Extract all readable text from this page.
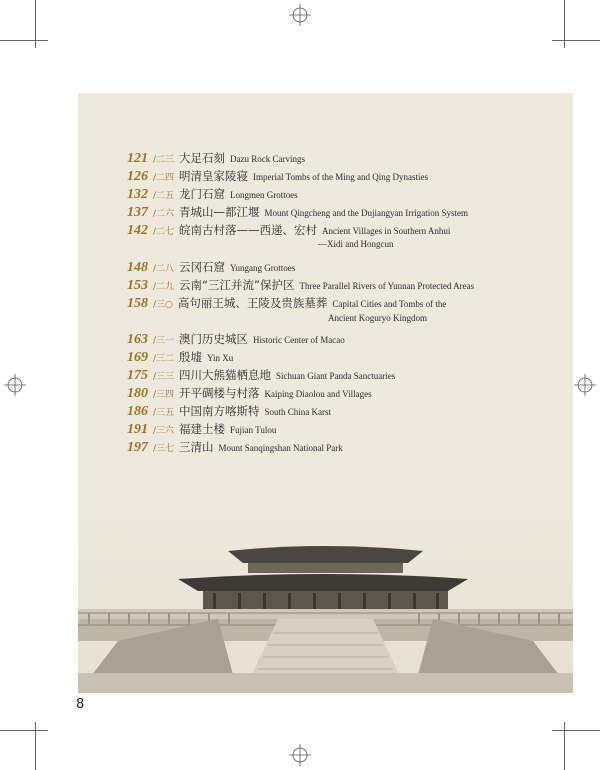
121 /二三 大足石刻 Dazu Rock Carvings
126 /二四 明清皇家陵寝 Imperial Tombs of the Ming and Qing Dynasties
132 /二五 龙门石窟 Longmen Grottoes
137 /二六 青城山—都江堰 Mount Qingcheng and the Dujiangyan Irrigation System
142 /二七 皖南古村落——西递、宏村 Ancient Villages in Southern Anhui
—Xidi and Hongcun
148 /二八 云冈石窟 Yungang Grottoes
153 /二九 云南“三江并流”保护区 Three Parallel Rivers of Yunnan Protected Areas
158 /三○ 高句丽王城、王陵及贵族墓葬 Capital Cities and Tombs of the
Ancient Koguryo Kingdom
163 /三一 澳门历史城区 Historic Center of Macao
169 /三二 殷墟 Yin Xu
175 /三三 四川大熊猫栖息地 Sichuan Giant Panda Sanctuaries
180 /三四 开平碉楼与村落 Kaiping Diaolou and Villages
186 /三五 中国南方喀斯特 South China Karst
191 /三六 福建土楼 Fujian Tulou
197 /三七 三清山 Mount Sanqingshan National Park
8
